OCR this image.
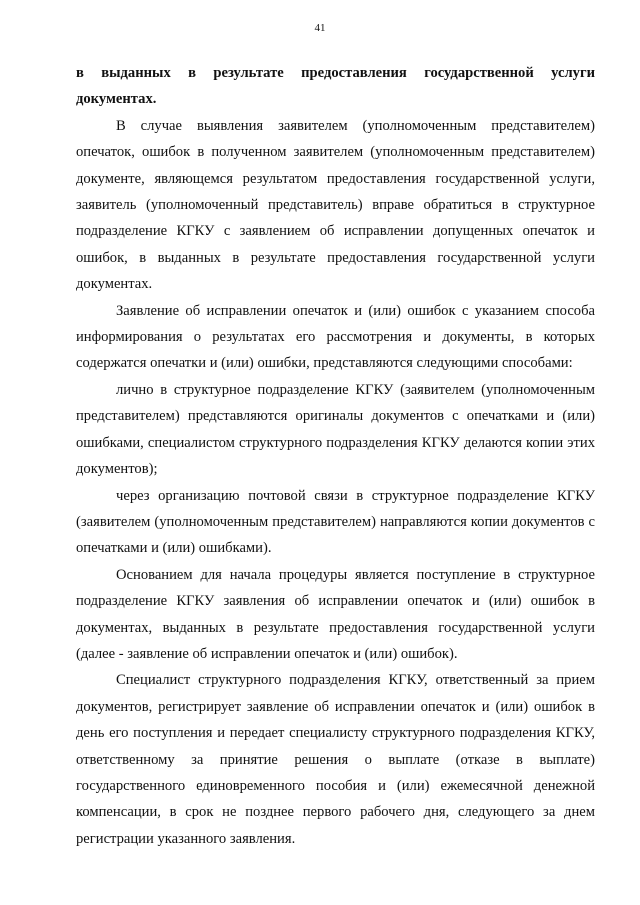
41

в выданных в результате предоставления государственной услуги документах.

В случае выявления заявителем (уполномоченным представителем) опечаток, ошибок в полученном заявителем (уполномоченным представителем) документе, являющемся результатом предоставления государственной услуги, заявитель (уполномоченный представитель) вправе обратиться в структурное подразделение КГКУ с заявлением об исправлении допущенных опечаток и ошибок, в выданных в результате предоставления государственной услуги документах.

Заявление об исправлении опечаток и (или) ошибок с указанием способа информирования о результатах его рассмотрения и документы, в которых содержатся опечатки и (или) ошибки, представляются следующими способами:

лично в структурное подразделение КГКУ (заявителем (уполномоченным представителем) представляются оригиналы документов с опечатками и (или) ошибками, специалистом структурного подразделения КГКУ делаются копии этих документов);

через организацию почтовой связи в структурное подразделение КГКУ (заявителем (уполномоченным представителем) направляются копии документов с опечатками и (или) ошибками).

Основанием для начала процедуры является поступление в структурное подразделение КГКУ заявления об исправлении опечаток и (или) ошибок в документах, выданных в результате предоставления государственной услуги (далее - заявление об исправлении опечаток и (или) ошибок).

Специалист структурного подразделения КГКУ, ответственный за прием документов, регистрирует заявление об исправлении опечаток и (или) ошибок в день его поступления и передает специалисту структурного подразделения КГКУ, ответственному за принятие решения о выплате (отказе в выплате) государственного единовременного пособия и (или) ежемесячной денежной компенсации, в срок не позднее первого рабочего дня, следующего за днем регистрации указанного заявления.
